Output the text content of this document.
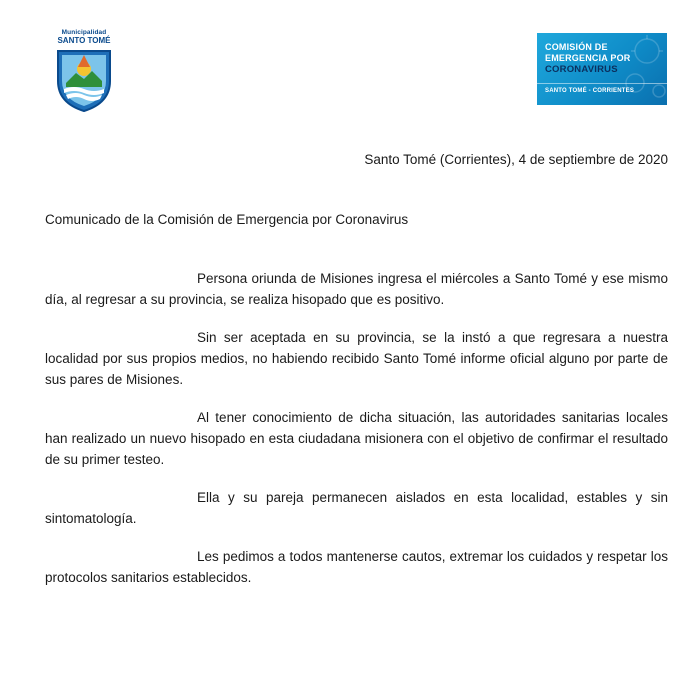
Municipalidad
SANTO TOMÉ
COMISIÓN DE
EMERGENCIA POR
CORONAVIRUS
SANTO TOMÉ - CORRIENTES
Santo Tomé (Corrientes), 4 de septiembre de 2020
Comunicado de la Comisión de Emergencia por Coronavirus

Persona oriunda de Misiones ingresa el miércoles a Santo Tomé y ese mismo día, al regresar a su provincia, se realiza hisopado que es positivo.

Sin ser aceptada en su provincia, se la instó a que regresara a nuestra localidad por sus propios medios, no habiendo recibido Santo Tomé informe oficial alguno por parte de sus pares de Misiones.

Al tener conocimiento de dicha situación, las autoridades sanitarias locales han realizado un nuevo hisopado en esta ciudadana misionera con el objetivo de confirmar el resultado de su primer testeo.

Ella y su pareja permanecen aislados en esta localidad, estables y sin sintomatología.

Les pedimos a todos mantenerse cautos, extremar los cuidados y respetar los protocolos sanitarios establecidos.
